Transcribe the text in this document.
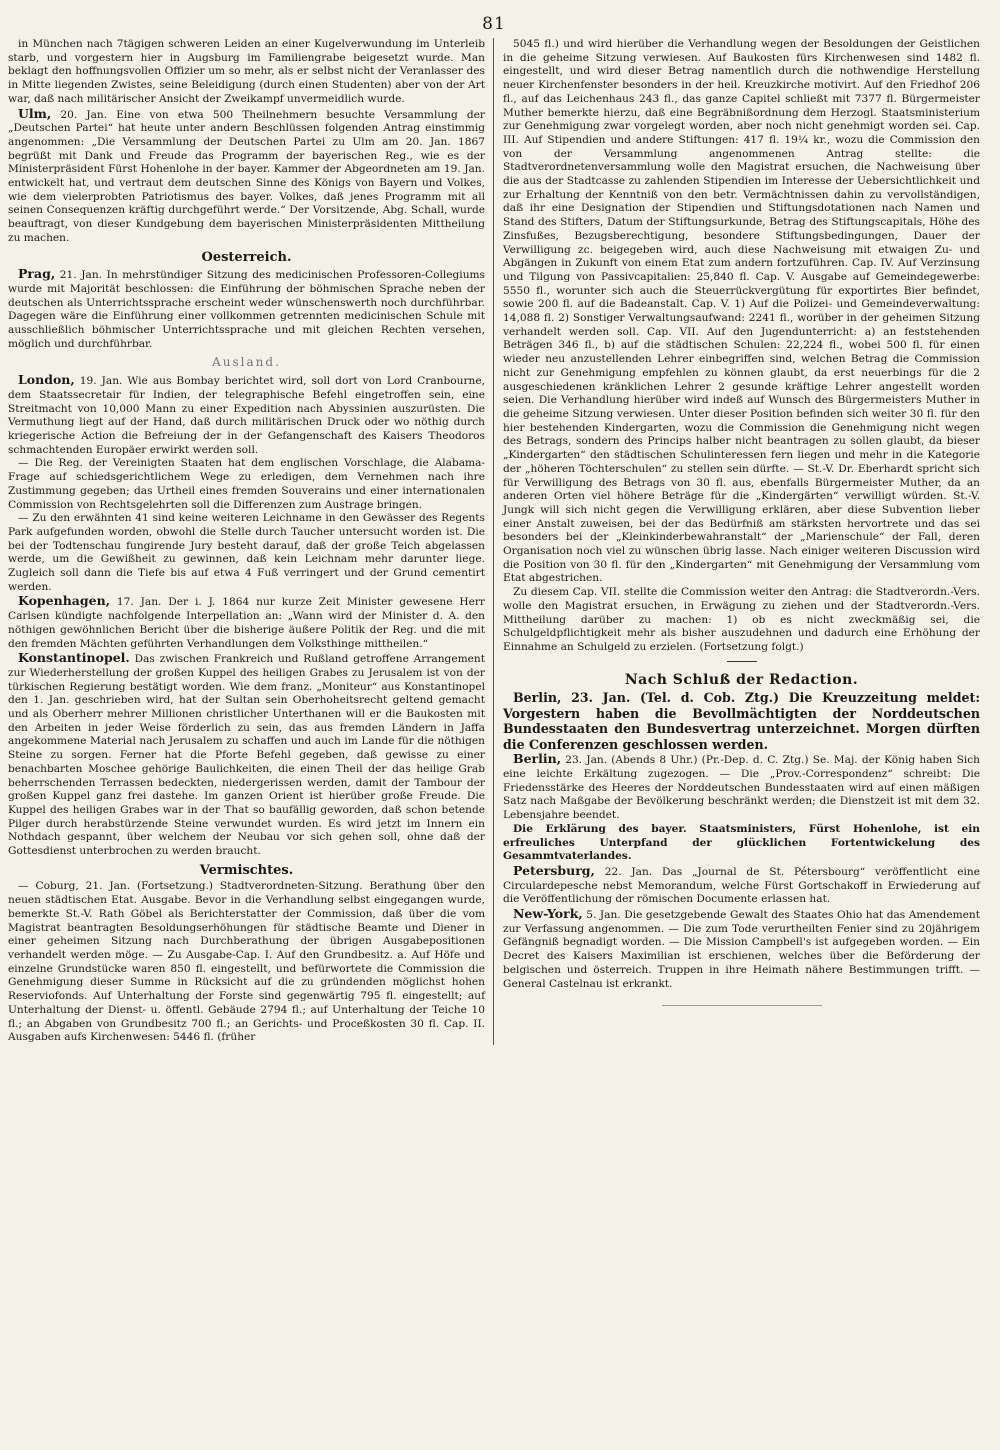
81

in München nach 7tägigen schweren Leiden an einer Kugelverwundung im Unterleib starb, und vorgestern hier in Augsburg im Familiengrabe beigesetzt wurde. Man beklagt den hoffnungsvollen Offizier um so mehr, als er selbst nicht der Veranlasser des in Mitte liegenden Zwistes, seine Beleidigung (durch einen Studenten) aber von der Art war, daß nach militärischer Ansicht der Zweikampf unvermeidlich wurde.

Ulm, 20. Jan. Eine von etwa 500 Theilnehmern besuchte Versammlung der „Deutschen Partei“ hat heute unter andern Beschlüssen folgenden Antrag einstimmig angenommen: „Die Versammlung der Deutschen Partei zu Ulm am 20. Jan. 1867 begrüßt mit Dank und Freude das Programm der bayerischen Reg., wie es der Ministerpräsident Fürst Hohenlohe in der bayer. Kammer der Abgeordneten am 19. Jan. entwickelt hat, und vertraut dem deutschen Sinne des Königs von Bayern und Volkes, wie dem vielerprobten Patriotismus des bayer. Volkes, daß jenes Programm mit all seinen Consequenzen kräftig durchgeführt werde.“ Der Vorsitzende, Abg. Schall, wurde beauftragt, von dieser Kundgebung dem bayerischen Ministerpräsidenten Mittheilung zu machen.

Oesterreich.

Prag, 21. Jan. In mehrstündiger Sitzung des medicinischen Professoren-Collegiums wurde mit Majorität beschlossen: die Einführung der böhmischen Sprache neben der deutschen als Unterrichtssprache erscheint weder wünschenswerth noch durchführbar. Dagegen wäre die Einführung einer vollkommen getrennten medicinischen Schule mit ausschließlich böhmischer Unterrichtssprache und mit gleichen Rechten versehen, möglich und durchführbar.

Ausland.

London, 19. Jan. Wie aus Bombay berichtet wird, soll dort von Lord Cranbourne, dem Staatssecretair für Indien, der telegraphische Befehl eingetroffen sein, eine Streitmacht von 10,000 Mann zu einer Expedition nach Abyssinien auszurüsten. Die Vermuthung liegt auf der Hand, daß durch militärischen Druck oder wo nöthig durch kriegerische Action die Befreiung der in der Gefangenschaft des Kaisers Theodoros schmachtenden Europäer erwirkt werden soll.

— Die Reg. der Vereinigten Staaten hat dem englischen Vorschlage, die Alabama-Frage auf schiedsgerichtlichem Wege zu erledigen, dem Vernehmen nach ihre Zustimmung gegeben; das Urtheil eines fremden Souverains und einer internationalen Commission von Rechtsgelehrten soll die Differenzen zum Austrage bringen.

— Zu den erwähnten 41 sind keine weiteren Leichname in den Gewässer des Regents Park aufgefunden worden, obwohl die Stelle durch Taucher untersucht worden ist. Die bei der Todtenschau fungirende Jury besteht darauf, daß der große Teich abgelassen werde, um die Gewißheit zu gewinnen, daß kein Leichnam mehr darunter liege. Zugleich soll dann die Tiefe bis auf etwa 4 Fuß verringert und der Grund cementirt werden.

Kopenhagen, 17. Jan. Der i. J. 1864 nur kurze Zeit Minister gewesene Herr Carlsen kündigte nachfolgende Interpellation an: „Wann wird der Minister d. A. den nöthigen gewöhnlichen Bericht über die bisherige äußere Politik der Reg. und die mit den fremden Mächten geführten Verhandlungen dem Volksthinge mittheilen.“

Konstantinopel. Das zwischen Frankreich und Rußland getroffene Arrangement zur Wiederherstellung der großen Kuppel des heiligen Grabes zu Jerusalem ist von der türkischen Regierung bestätigt worden. Wie dem franz. „Moniteur“ aus Konstantinopel den 1. Jan. geschrieben wird, hat der Sultan sein Oberhoheitsrecht geltend gemacht und als Oberherr mehrer Millionen christlicher Unterthanen will er die Baukosten mit den Arbeiten in jeder Weise förderlich zu sein, das aus fremden Ländern in Jaffa angekommene Material nach Jerusalem zu schaffen und auch im Lande für die nöthigen Steine zu sorgen. Ferner hat die Pforte Befehl gegeben, daß gewisse zu einer benachbarten Moschee gehörige Baulichkeiten, die einen Theil der das heilige Grab beherrschenden Terrassen bedeckten, niedergerissen werden, damit der Tambour der großen Kuppel ganz frei dastehe. Im ganzen Orient ist hierüber große Freude. Die Kuppel des heiligen Grabes war in der That so baufällig geworden, daß schon betende Pilger durch herabstürzende Steine verwundet wurden. Es wird jetzt im Innern ein Nothdach gespannt, über welchem der Neubau vor sich gehen soll, ohne daß der Gottesdienst unterbrochen zu werden braucht.

Vermischtes.

— Coburg, 21. Jan. (Fortsetzung.) Stadtverordneten-Sitzung. Berathung über den neuen städtischen Etat. Ausgabe. Bevor in die Verhandlung selbst eingegangen wurde, bemerkte St.-V. Rath Göbel als Berichterstatter der Commission, daß über die vom Magistrat beantragten Besoldungserhöhungen für städtische Beamte und Diener in einer geheimen Sitzung nach Durchberathung der übrigen Ausgabepositionen verhandelt werden möge. — Zu Ausgabe-Cap. I. Auf den Grundbesitz. a. Auf Höfe und einzelne Grundstücke waren 850 fl. eingestellt, und befürwortete die Commission die Genehmigung dieser Summe in Rücksicht auf die zu gründenden möglichst hohen Reserviofonds. Auf Unterhaltung der Forste sind gegenwärtig 795 fl. eingestellt; auf Unterhaltung der Dienst- u. öffentl. Gebäude 2794 fl.; auf Unterhaltung der Teiche 10 fl.; an Abgaben von Grundbesitz 700 fl.; an Gerichts- und Proceßkosten 30 fl. Cap. II. Ausgaben aufs Kirchenwesen: 5446 fl. (früher

5045 fl.) und wird hierüber die Verhandlung wegen der Besoldungen der Geistlichen in die geheime Sitzung verwiesen. Auf Baukosten fürs Kirchenwesen sind 1482 fl. eingestellt, und wird dieser Betrag namentlich durch die nothwendige Herstellung neuer Kirchenfenster besonders in der heil. Kreuzkirche motivirt. Auf den Friedhof 206 fl., auf das Leichenhaus 243 fl., das ganze Capitel schließt mit 7377 fl. Bürgermeister Muther bemerkte hierzu, daß eine Begräbnißordnung dem Herzogl. Staatsministerium zur Genehmigung zwar vorgelegt worden, aber noch nicht genehmigt worden sei. Cap. III. Auf Stipendien und andere Stiftungen: 417 fl. 19¼ kr., wozu die Commission den von der Versammlung angenommenen Antrag stellte: die Stadtverordnetenversammlung wolle den Magistrat ersuchen, die Nachweisung über die aus der Stadtcasse zu zahlenden Stipendien im Interesse der Uebersichtlichkeit und zur Erhaltung der Kenntniß von den betr. Vermächtnissen dahin zu vervollständigen, daß ihr eine Designation der Stipendien und Stiftungsdotationen nach Namen und Stand des Stifters, Datum der Stiftungsurkunde, Betrag des Stiftungscapitals, Höhe des Zinsfußes, Bezugsberechtigung, besondere Stiftungsbedingungen, Dauer der Verwilligung zc. beigegeben wird, auch diese Nachweisung mit etwaigen Zu- und Abgängen in Zukunft von einem Etat zum andern fortzuführen. Cap. IV. Auf Verzinsung und Tilgung von Passivcapitalien: 25,840 fl. Cap. V. Ausgabe auf Gemeindegewerbe: 5550 fl., worunter sich auch die Steuerrückvergütung für exportirtes Bier befindet, sowie 200 fl. auf die Badeanstalt. Cap. V. 1) Auf die Polizei- und Gemeindeverwaltung: 14,088 fl. 2) Sonstiger Verwaltungsaufwand: 2241 fl., worüber in der geheimen Sitzung verhandelt werden soll. Cap. VII. Auf den Jugendunterricht: a) an feststehenden Beträgen 346 fl., b) auf die städtischen Schulen: 22,224 fl., wobei 500 fl. für einen wieder neu anzustellenden Lehrer einbegriffen sind, welchen Betrag die Commission nicht zur Genehmigung empfehlen zu können glaubt, da erst neuerbings für die 2 ausgeschiedenen kränklichen Lehrer 2 gesunde kräftige Lehrer angestellt worden seien. Die Verhandlung hierüber wird indeß auf Wunsch des Bürgermeisters Muther in die geheime Sitzung verwiesen. Unter dieser Position befinden sich weiter 30 fl. für den hier bestehenden Kindergarten, wozu die Commission die Genehmigung nicht wegen des Betrags, sondern des Princips halber nicht beantragen zu sollen glaubt, da bieser „Kindergarten“ den städtischen Schulinteressen fern liegen und mehr in die Kategorie der „höheren Töchterschulen“ zu stellen sein dürfte. — St.-V. Dr. Eberhardt spricht sich für Verwilligung des Betrags von 30 fl. aus, ebenfalls Bürgermeister Muther, da an anderen Orten viel höhere Beträge für die „Kindergärten“ verwilligt würden. St.-V. Jungk will sich nicht gegen die Verwilligung erklären, aber diese Subvention lieber einer Anstalt zuweisen, bei der das Bedürfniß am stärksten hervortrete und das sei besonders bei der „Kleinkinderbewahranstalt“ der „Marienschule“ der Fall, deren Organisation noch viel zu wünschen übrig lasse. Nach einiger weiteren Discussion wird die Position von 30 fl. für den „Kindergarten“ mit Genehmigung der Versammlung vom Etat abgestrichen.

Zu diesem Cap. VII. stellte die Commission weiter den Antrag: die Stadtverordn.-Vers. wolle den Magistrat ersuchen, in Erwägung zu ziehen und der Stadtverordn.-Vers. Mittheilung darüber zu machen: 1) ob es nicht zweckmäßig sei, die Schulgeldpflichtigkeit mehr als bisher auszudehnen und dadurch eine Erhöhung der Einnahme an Schulgeld zu erzielen. (Fortsetzung folgt.)

Nach Schluß der Redaction.

Berlin, 23. Jan. (Tel. d. Cob. Ztg.) Die Kreuzzeitung meldet: Vorgestern haben die Bevollmächtigten der Norddeutschen Bundesstaaten den Bundesvertrag unterzeichnet. Morgen dürften die Conferenzen geschlossen werden.

Berlin, 23. Jan. (Abends 8 Uhr.) (Pr.-Dep. d. C. Ztg.) Se. Maj. der König haben Sich eine leichte Erkältung zugezogen. — Die „Prov.-Correspondenz“ schreibt: Die Friedensstärke des Heeres der Norddeutschen Bundesstaaten wird auf einen mäßigen Satz nach Maßgabe der Bevölkerung beschränkt werden; die Dienstzeit ist mit dem 32. Lebensjahre beendet.

Die Erklärung des bayer. Staatsministers, Fürst Hohenlohe, ist ein erfreuliches Unterpfand der glücklichen Fortentwickelung des Gesammtvaterlandes.

Petersburg, 22. Jan. Das „Journal de St. Pétersbourg“ veröffentlicht eine Circulardepesche nebst Memorandum, welche Fürst Gortschakoff in Erwiederung auf die Veröffentlichung der römischen Documente erlassen hat.

New-York, 5. Jan. Die gesetzgebende Gewalt des Staates Ohio hat das Amendement zur Verfassung angenommen. — Die zum Tode verurtheilten Fenier sind zu 20jährigem Gefängniß begnadigt worden. — Die Mission Campbell's ist aufgegeben worden. — Ein Decret des Kaisers Maximilian ist erschienen, welches über die Beförderung der belgischen und österreich. Truppen in ihre Heimath nähere Bestimmungen trifft. — General Castelnau ist erkrankt.
